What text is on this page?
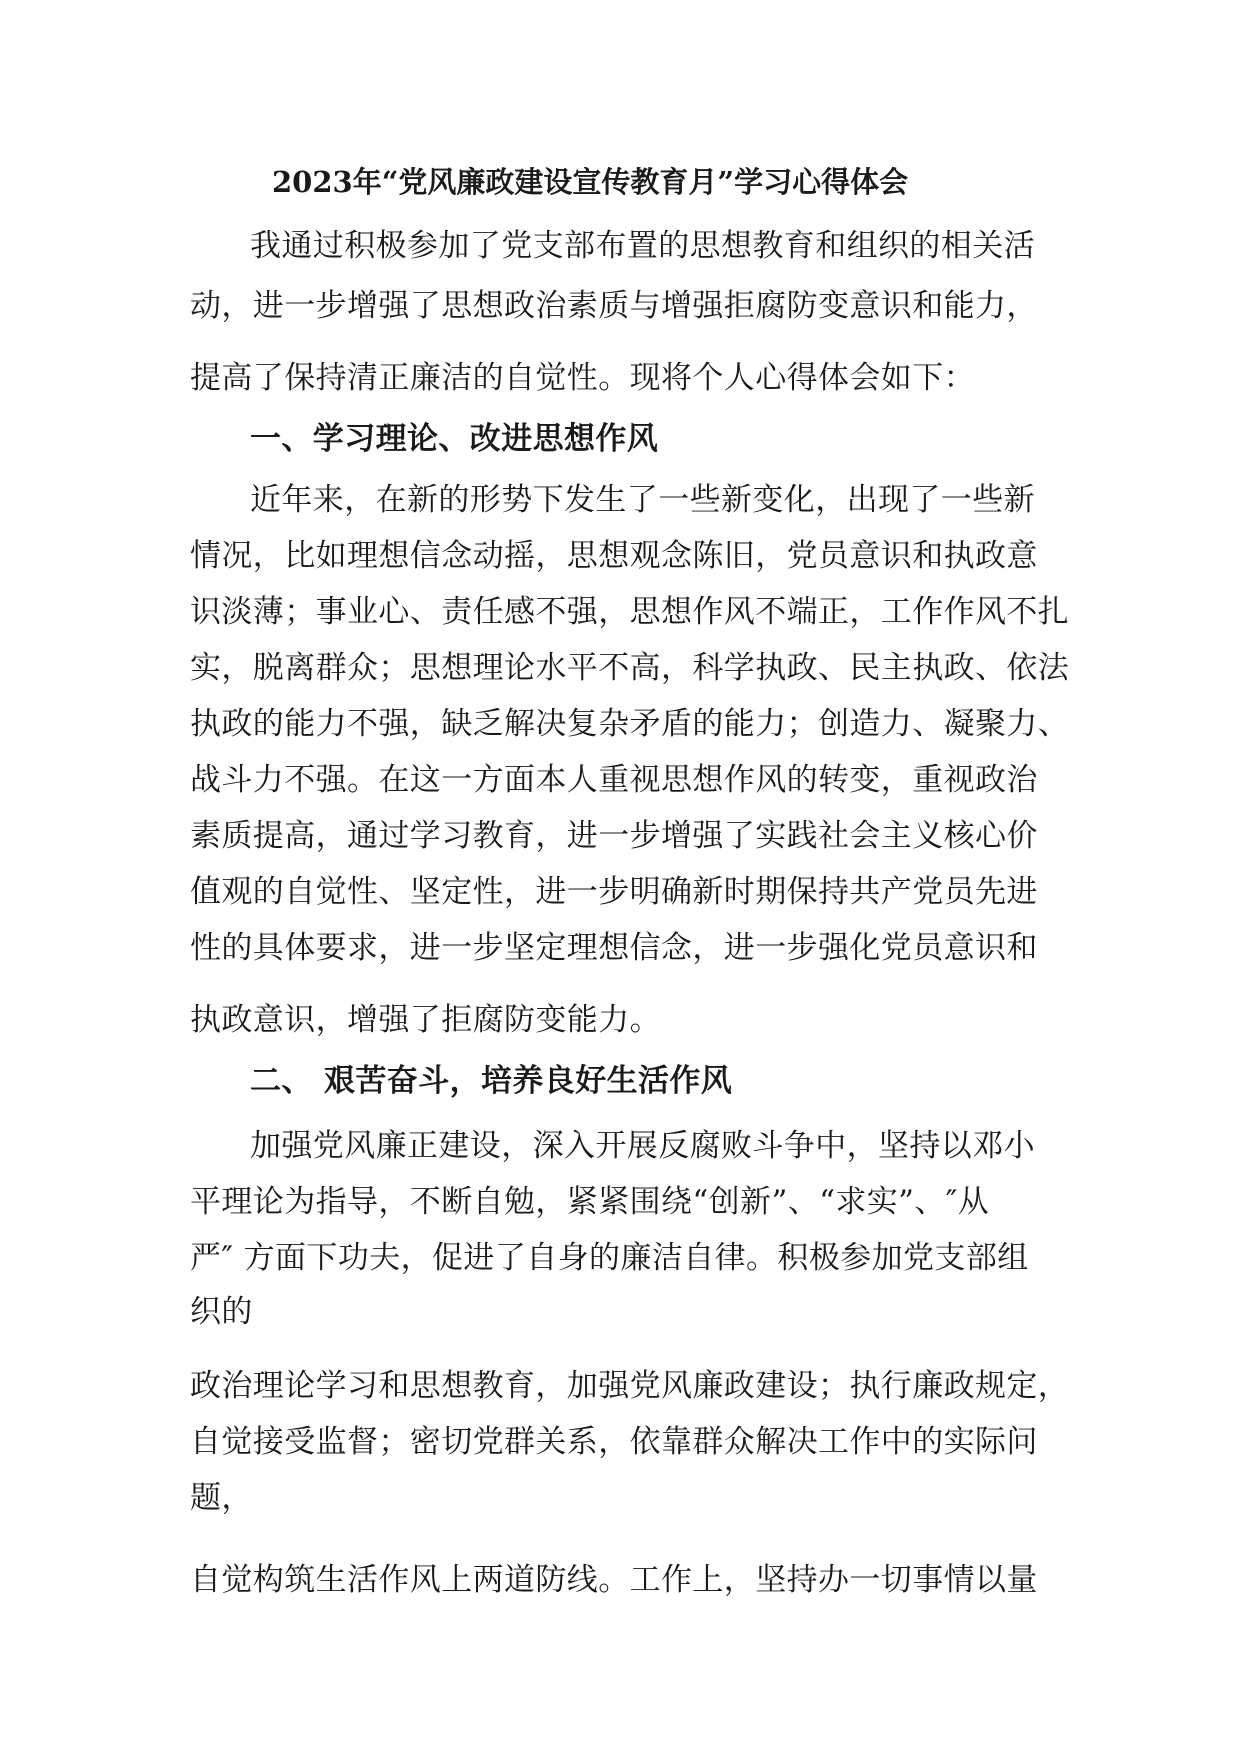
2023年“党风廉政建设宣传教育月”学习心得体会
我通过积极参加了党支部布置的思想教育和组织的相关活
动，进一步增强了思想政治素质与增强拒腐防变意识和能力，
提高了保持清正廉洁的自觉性。现将个人心得体会如下：
一、学习理论、改进思想作风
近年来，在新的形势下发生了一些新变化，出现了一些新
情况，比如理想信念动摇，思想观念陈旧，党员意识和执政意
识淡薄；事业心、责任感不强，思想作风不端正，工作作风不扎
实，脱离群众；思想理论水平不高，科学执政、民主执政、依法
执政的能力不强，缺乏解决复杂矛盾的能力；创造力、凝聚力、
战斗力不强。在这一方面本人重视思想作风的转变，重视政治
素质提高，通过学习教育，进一步增强了实践社会主义核心价
值观的自觉性、坚定性，进一步明确新时期保持共产党员先进
性的具体要求，进一步坚定理想信念，进一步强化党员意识和
执政意识，增强了拒腐防变能力。
二、 艰苦奋斗，培养良好生活作风
加强党风廉正建设，深入开展反腐败斗争中，坚持以邓小
平理论为指导，不断自勉，紧紧围绕“创新”、“求实”、″从
严″ 方面下功夫，促进了自身的廉洁自律。积极参加党支部组
织的
政治理论学习和思想教育，加强党风廉政建设；执行廉政规定，
自觉接受监督；密切党群关系，依靠群众解决工作中的实际问
题，
自觉构筑生活作风上两道防线。工作上，坚持办一切事情以量
